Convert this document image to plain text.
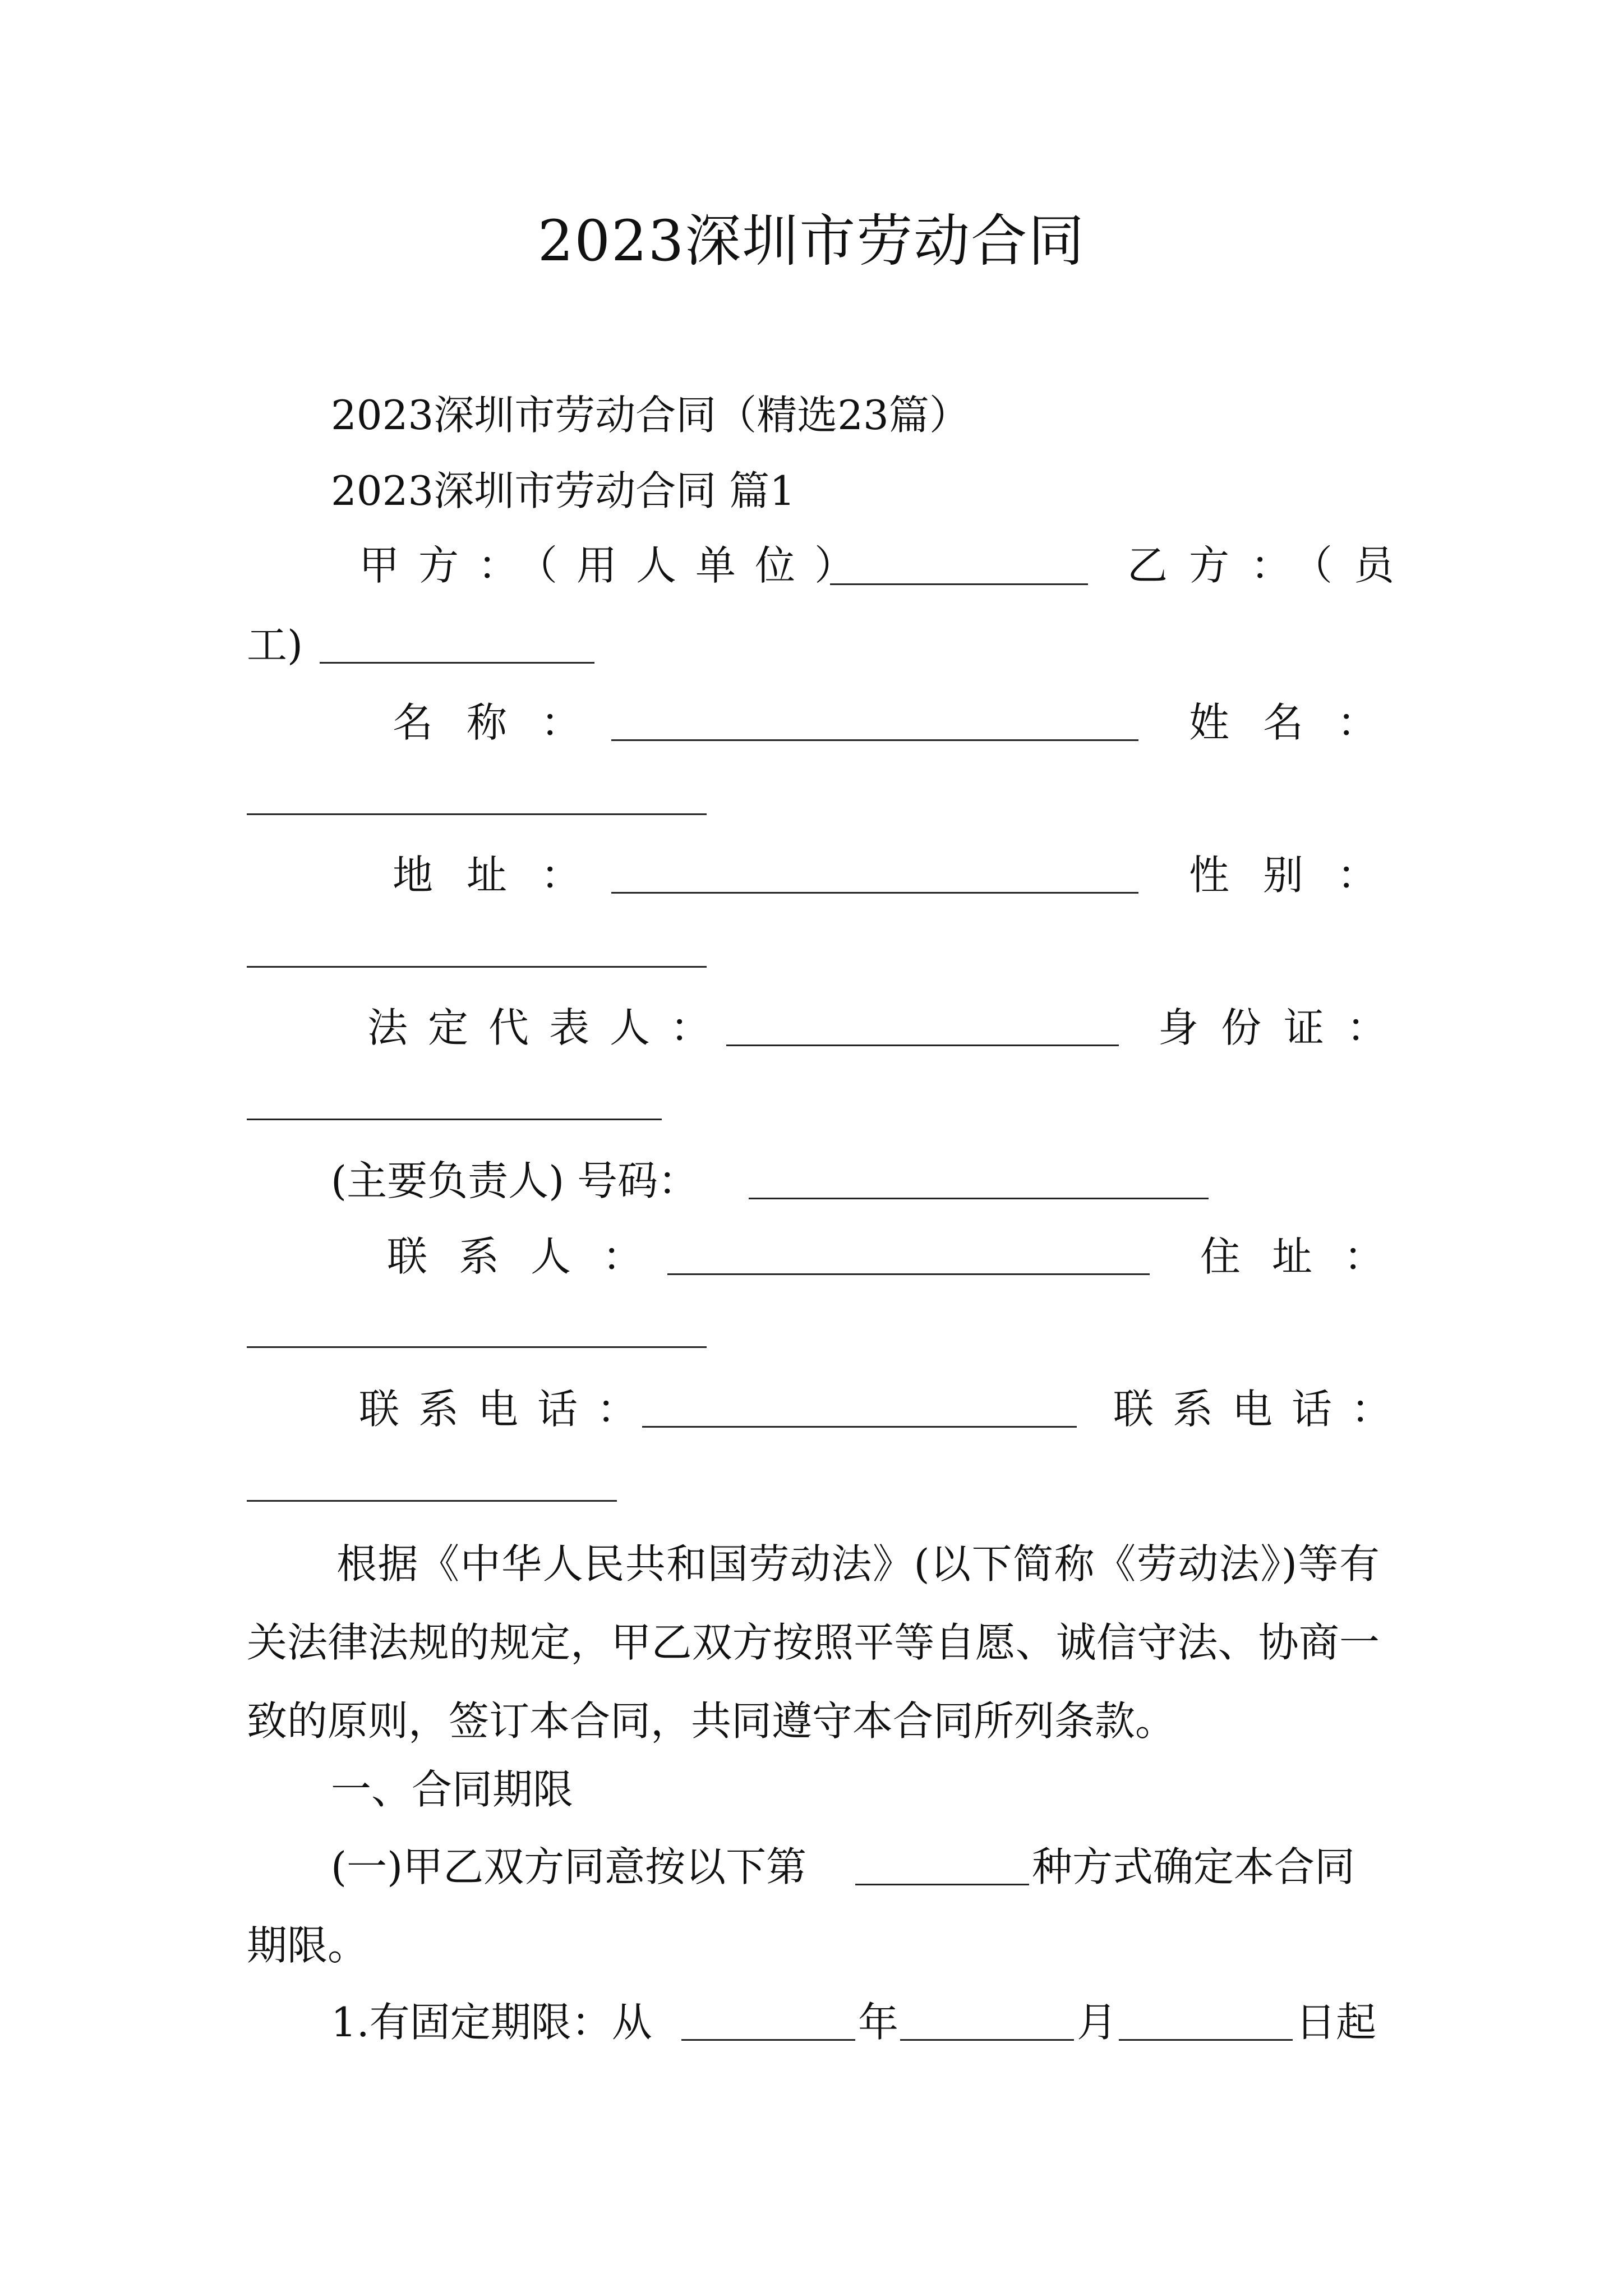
2023深圳市劳动合同
2023深圳市劳动合同（精选23篇）
2023深圳市劳动合同 篇1
甲方：（用人单位）	乙方：（员
工)
名称：	姓名：
地址：	性别：
法定代表人：	身份证：
(主要负责人) 号码：
联系人：	住址：
联系电话：	联系电话：
根据《中华人民共和国劳动法》(以下简称《劳动法》)等有关法律法规的规定，甲乙双方按照平等自愿、诚信守法、协商一致的原则，签订本合同，共同遵守本合同所列条款。
一、合同期限
(一)甲乙双方同意按以下第	种方式确定本合同
期限。
1.有固定期限：从	年	月	日起
